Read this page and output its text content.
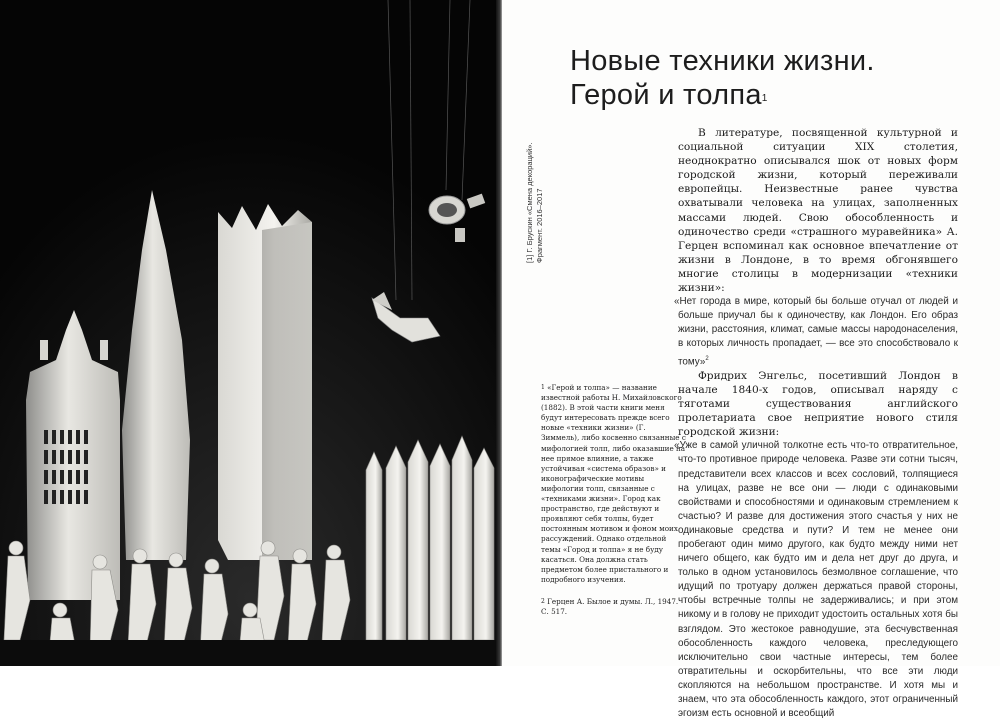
Новые техники жизни.
Герой и толпа$^1$
[1] Г. Брускин «Смена декораций». Фрагмент. 2016–2017

$^1$ «Герой и толпа» — название известной работы Н. Михайловского (1882). В этой части книги меня будут интересовать прежде всего новые «техники жизни» (Г. Зиммель), либо косвенно связанные с мифологией толп, либо оказавшие на нее прямое влияние, а также устойчивая «система образов» и иконографические мотивы мифологии толп, связанные с «техниками жизни». Город как пространство, где действуют и проявляют себя толпы, будет постоянным мотивом и фоном моих рассуждений. Однако отдельной темы «Город и толпа» я не буду касаться. Она должна стать предметом более пристального и подробного изучения.

$^2$ Герцен А. Былое и думы. Л., 1947. С. 517.

В литературе, посвященной культурной и социальной ситуации XIX столетия, неоднократно описывался шок от новых форм городской жизни, который переживали европейцы. Неизвестные ранее чувства охватывали человека на улицах, заполненных массами людей. Свою обособленность и одиночество среди «страшного муравейника» А. Герцен вспоминал как основное впечатление от жизни в Лондоне, в то время обгонявшего многие столицы в модернизации «техники жизни»:

«Нет города в мире, который бы больше отучал от людей и больше приучал бы к одиночеству, как Лондон. Его образ жизни, расстояния, климат, самые массы народонаселения, в которых личность пропадает, — все это способствовало к тому»$^2$

Фридрих Энгельс, посетивший Лондон в начале 1840-х годов, описывал наряду с тяготами существования английского пролетариата свое неприятие нового стиля городской жизни:

«Уже в самой уличной толкотне есть что-то отвратительное, что-то противное природе человека. Разве эти сотни тысяч, представители всех классов и всех сословий, толпящиеся на улицах, разве не все они — люди с одинаковыми свойствами и способностями и одинаковым стремлением к счастью? И разве для достижения этого счастья у них не одинаковые средства и пути? И тем не менее они пробегают один мимо другого, как будто между ними нет ничего общего, как будто им и дела нет друг до друга, и только в одном установилось безмолвное соглашение, что идущий по тротуару должен держаться правой стороны, чтобы встречные толпы не задерживались; и при этом никому и в голову не приходит удостоить остальных хотя бы взглядом. Это жестокое равнодушие, эта бесчувственная обособленность каждого человека, преследующего исключительно свои частные интересы, тем более отвратительны и оскорбительны, что все эти люди скопляются на небольшом пространстве. И хотя мы и знаем, что эта обособленность каждого, этот ограниченный эгоизм есть основной и всеобщий
